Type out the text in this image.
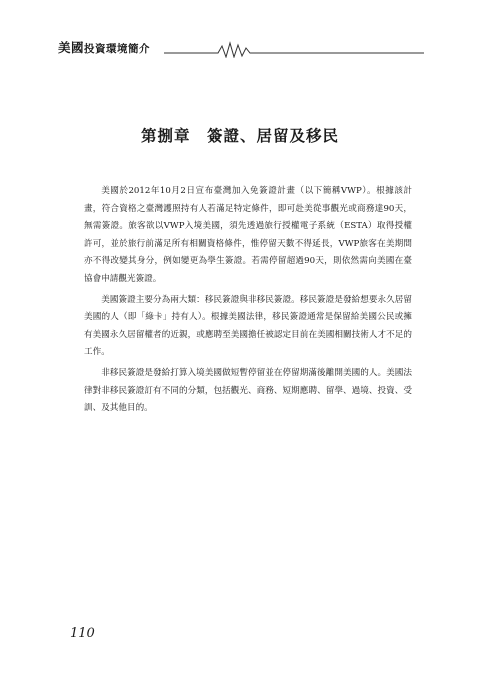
美國投資環境簡介
第捌章　簽證、居留及移民

美國於2012年10月2日宣布臺灣加入免簽證計畫（以下簡稱VWP）。根據該計畫，符合資格之臺灣護照持有人若滿足特定條件，即可赴美從事觀光或商務達90天，無需簽證。旅客欲以VWP入境美國，須先透過旅行授權電子系統（ESTA）取得授權許可，並於旅行前滿足所有相關資格條件，惟停留天數不得延長，VWP旅客在美期間亦不得改變其身分，例如變更為學生簽證。若需停留超過90天，則依然需向美國在臺協會申請觀光簽證。

美國簽證主要分為兩大類：移民簽證與非移民簽證。移民簽證是發給想要永久居留美國的人（即「綠卡」持有人）。根據美國法律，移民簽證通常是保留給美國公民或擁有美國永久居留權者的近親，或應聘至美國擔任被認定目前在美國相關技術人才不足的工作。

非移民簽證是發給打算入境美國做短暫停留並在停留期滿後離開美國的人。美國法律對非移民簽證訂有不同的分類，包括觀光、商務、短期應聘、留學、過境、投資、受訓、及其他目的。

110
